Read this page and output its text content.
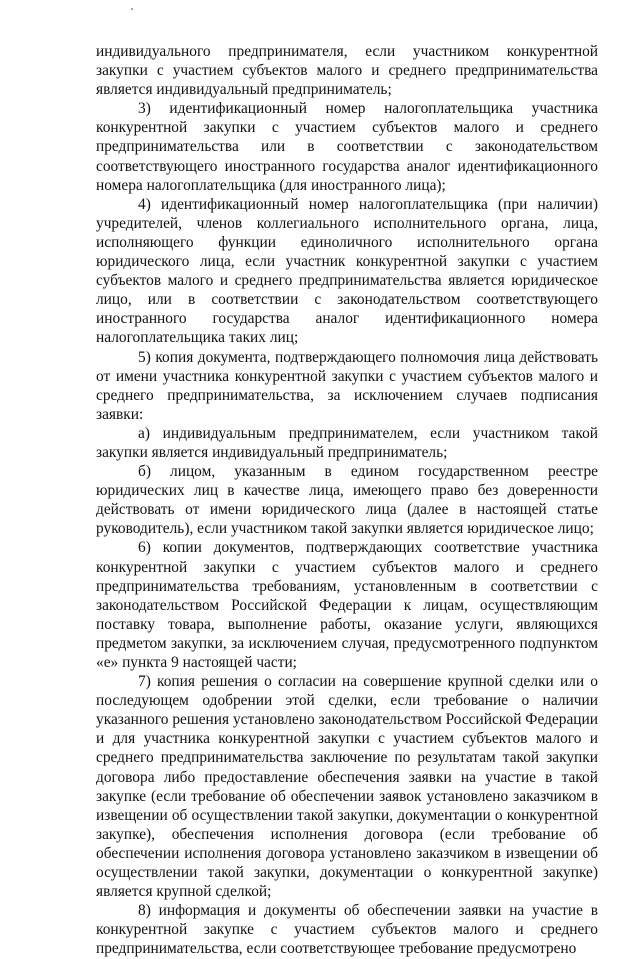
индивидуального предпринимателя, если участником конкурентной закупки с участием субъектов малого и среднего предпринимательства является индивидуальный предприниматель;

3) идентификационный номер налогоплательщика участника конкурентной закупки с участием субъектов малого и среднего предпринимательства или в соответствии с законодательством соответствующего иностранного государства аналог идентификационного номера налогоплательщика (для иностранного лица);

4) идентификационный номер налогоплательщика (при наличии) учредителей, членов коллегиального исполнительного органа, лица, исполняющего функции единоличного исполнительного органа юридического лица, если участник конкурентной закупки с участием субъектов малого и среднего предпринимательства является юридическое лицо, или в соответствии с законодательством соответствующего иностранного государства аналог идентификационного номера налогоплательщика таких лиц;

5) копия документа, подтверждающего полномочия лица действовать от имени участника конкурентной закупки с участием субъектов малого и среднего предпринимательства, за исключением случаев подписания заявки:

а) индивидуальным предпринимателем, если участником такой закупки является индивидуальный предприниматель;

б) лицом, указанным в едином государственном реестре юридических лиц в качестве лица, имеющего право без доверенности действовать от имени юридического лица (далее в настоящей статье руководитель), если участником такой закупки является юридическое лицо;

6) копии документов, подтверждающих соответствие участника конкурентной закупки с участием субъектов малого и среднего предпринимательства требованиям, установленным в соответствии с законодательством Российской Федерации к лицам, осуществляющим поставку товара, выполнение работы, оказание услуги, являющихся предметом закупки, за исключением случая, предусмотренного подпунктом «е» пункта 9 настоящей части;

7) копия решения о согласии на совершение крупной сделки или о последующем одобрении этой сделки, если требование о наличии указанного решения установлено законодательством Российской Федерации и для участника конкурентной закупки с участием субъектов малого и среднего предпринимательства заключение по результатам такой закупки договора либо предоставление обеспечения заявки на участие в такой закупке (если требование об обеспечении заявок установлено заказчиком в извещении об осуществлении такой закупки, документации о конкурентной закупке), обеспечения исполнения договора (если требование об обеспечении исполнения договора установлено заказчиком в извещении об осуществлении такой закупки, документации о конкурентной закупке) является крупной сделкой;

8) информация и документы об обеспечении заявки на участие в конкурентной закупке с участием субъектов малого и среднего предпринимательства, если соответствующее требование предусмотрено
